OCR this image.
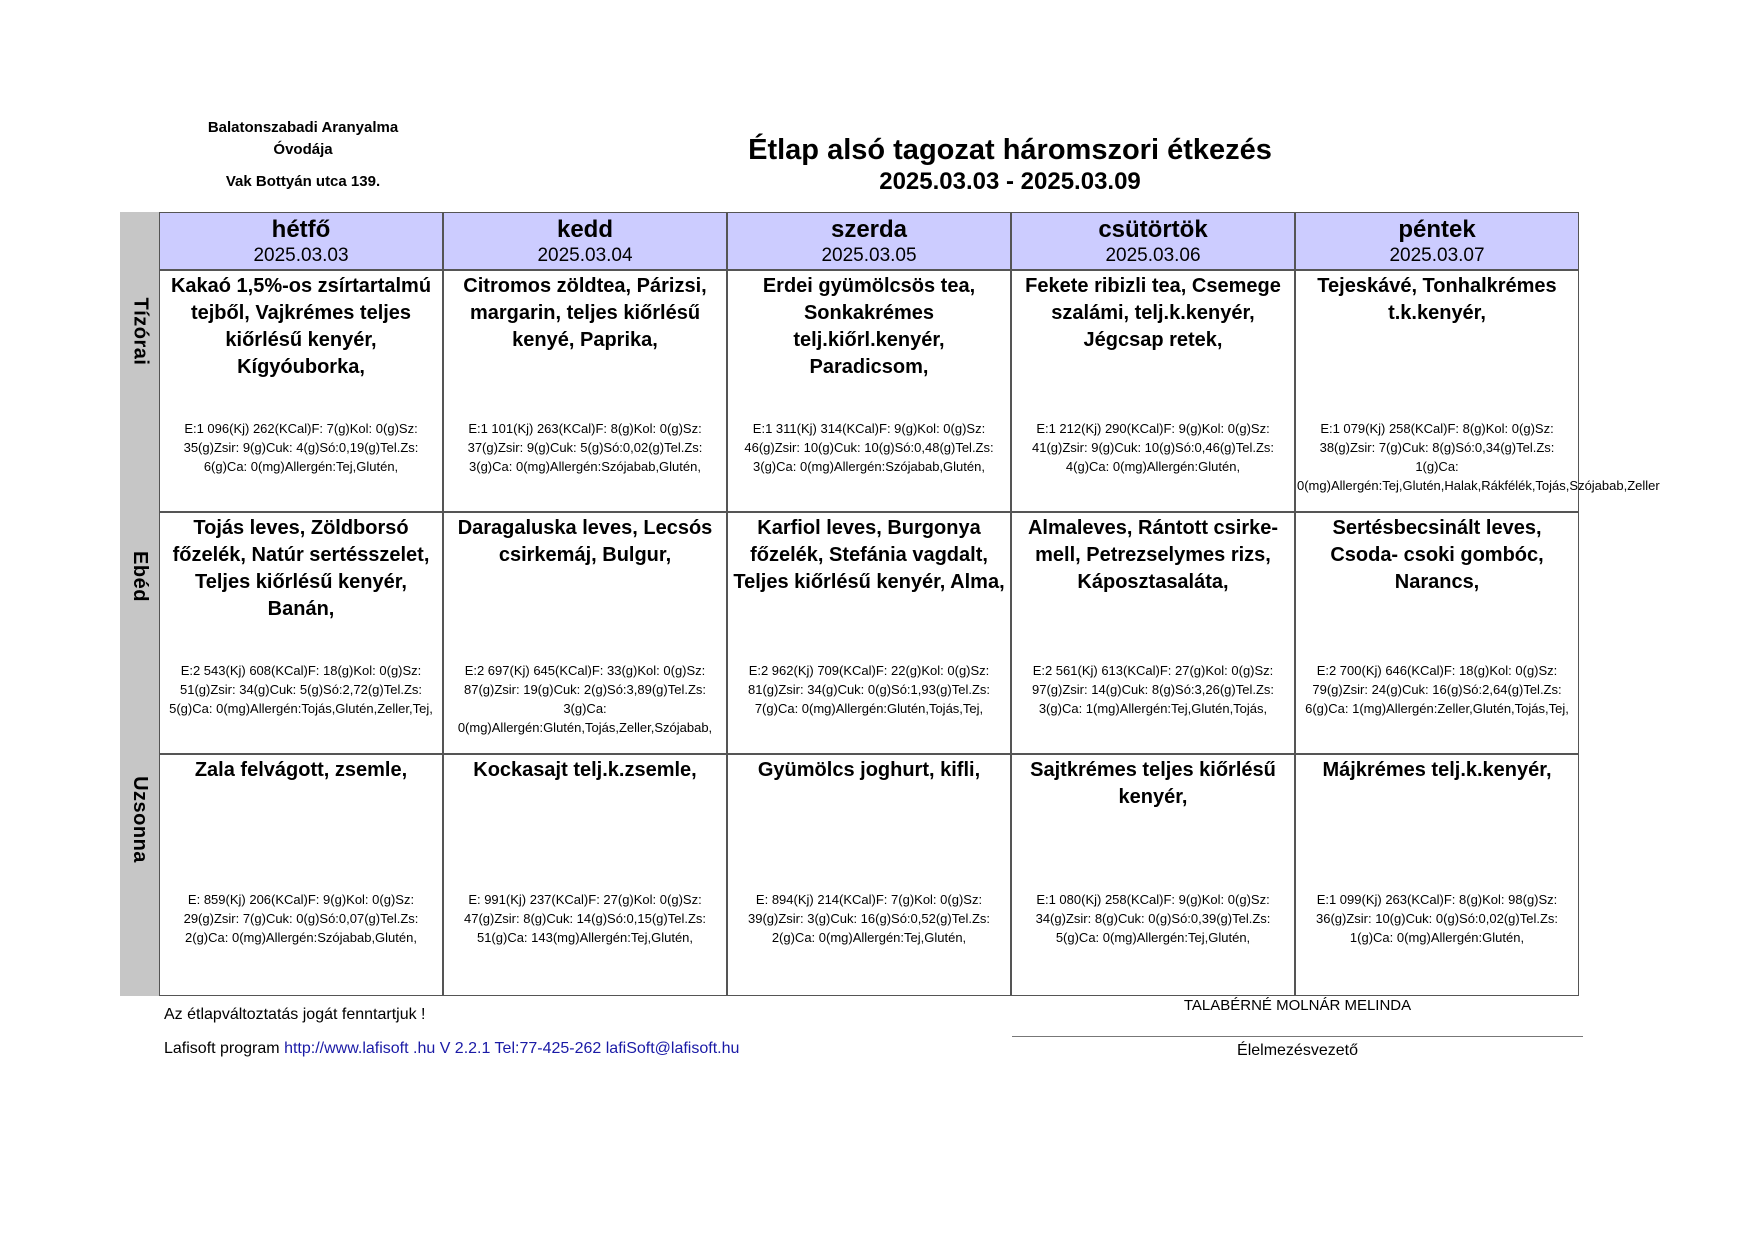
Balatonszabadi Aranyalma
Óvodája
Vak Bottyán utca 139.
Étlap alsó tagozat háromszori étkezés
2025.03.03 - 2025.03.09
Tízórai
Ebéd
Uzsonna
hétfő
2025.03.03
kedd
2025.03.04
szerda
2025.03.05
csütörtök
2025.03.06
péntek
2025.03.07
Kakaó 1,5%-os zsírtartalmú tejből, Vajkrémes teljes kiőrlésű kenyér, Kígyóuborka,
E:1 096(Kj) 262(KCal)F: 7(g)Kol: 0(g)Sz: 35(g)Zsir: 9(g)Cuk: 4(g)Só:0,19(g)Tel.Zs: 6(g)Ca: 0(mg)Allergén:Tej,Glutén,
Citromos zöldtea, Párizsi, margarin, teljes kiőrlésű kenyé, Paprika,
E:1 101(Kj) 263(KCal)F: 8(g)Kol: 0(g)Sz: 37(g)Zsir: 9(g)Cuk: 5(g)Só:0,02(g)Tel.Zs: 3(g)Ca: 0(mg)Allergén:Szójabab,Glutén,
Erdei gyümölcsös tea, Sonkakrémes telj.kiőrl.kenyér, Paradicsom,
E:1 311(Kj) 314(KCal)F: 9(g)Kol: 0(g)Sz: 46(g)Zsir: 10(g)Cuk: 10(g)Só:0,48(g)Tel.Zs: 3(g)Ca: 0(mg)Allergén:Szójabab,Glutén,
Fekete ribizli tea, Csemege szalámi, telj.k.kenyér, Jégcsap retek,
E:1 212(Kj) 290(KCal)F: 9(g)Kol: 0(g)Sz: 41(g)Zsir: 9(g)Cuk: 10(g)Só:0,46(g)Tel.Zs: 4(g)Ca: 0(mg)Allergén:Glutén,
Tejeskávé, Tonhalkrémes t.k.kenyér,
E:1 079(Kj) 258(KCal)F: 8(g)Kol: 0(g)Sz: 38(g)Zsir: 7(g)Cuk: 8(g)Só:0,34(g)Tel.Zs: 1(g)Ca: 0(mg)Allergén:Tej,Glutén,Halak,Rákfélék,Tojás,Szójabab,Zeller
Tojás leves, Zöldborsó főzelék, Natúr sertésszelet, Teljes kiőrlésű kenyér, Banán,
E:2 543(Kj) 608(KCal)F: 18(g)Kol: 0(g)Sz: 51(g)Zsir: 34(g)Cuk: 5(g)Só:2,72(g)Tel.Zs: 5(g)Ca: 0(mg)Allergén:Tojás,Glutén,Zeller,Tej,
Daragaluska leves, Lecsós csirkemáj, Bulgur,
E:2 697(Kj) 645(KCal)F: 33(g)Kol: 0(g)Sz: 87(g)Zsir: 19(g)Cuk: 2(g)Só:3,89(g)Tel.Zs: 3(g)Ca: 0(mg)Allergén:Glutén,Tojás,Zeller,Szójabab,
Karfiol leves, Burgonya főzelék, Stefánia vagdalt, Teljes kiőrlésű kenyér, Alma,
E:2 962(Kj) 709(KCal)F: 22(g)Kol: 0(g)Sz: 81(g)Zsir: 34(g)Cuk: 0(g)Só:1,93(g)Tel.Zs: 7(g)Ca: 0(mg)Allergén:Glutén,Tojás,Tej,
Almaleves, Rántott csirke-mell, Petrezselymes rizs, Káposztasaláta,
E:2 561(Kj) 613(KCal)F: 27(g)Kol: 0(g)Sz: 97(g)Zsir: 14(g)Cuk: 8(g)Só:3,26(g)Tel.Zs: 3(g)Ca: 1(mg)Allergén:Tej,Glutén,Tojás,
Sertésbecsinált leves, Csoda- csoki gombóc, Narancs,
E:2 700(Kj) 646(KCal)F: 18(g)Kol: 0(g)Sz: 79(g)Zsir: 24(g)Cuk: 16(g)Só:2,64(g)Tel.Zs: 6(g)Ca: 1(mg)Allergén:Zeller,Glutén,Tojás,Tej,
Zala felvágott, zsemle,
E: 859(Kj) 206(KCal)F: 9(g)Kol: 0(g)Sz: 29(g)Zsir: 7(g)Cuk: 0(g)Só:0,07(g)Tel.Zs: 2(g)Ca: 0(mg)Allergén:Szójabab,Glutén,
Kockasajt telj.k.zsemle,
E: 991(Kj) 237(KCal)F: 27(g)Kol: 0(g)Sz: 47(g)Zsir: 8(g)Cuk: 14(g)Só:0,15(g)Tel.Zs: 51(g)Ca: 143(mg)Allergén:Tej,Glutén,
Gyümölcs joghurt, kifli,
E: 894(Kj) 214(KCal)F: 7(g)Kol: 0(g)Sz: 39(g)Zsir: 3(g)Cuk: 16(g)Só:0,52(g)Tel.Zs: 2(g)Ca: 0(mg)Allergén:Tej,Glutén,
Sajtkrémes teljes kiőrlésű kenyér,
E:1 080(Kj) 258(KCal)F: 9(g)Kol: 0(g)Sz: 34(g)Zsir: 8(g)Cuk: 0(g)Só:0,39(g)Tel.Zs: 5(g)Ca: 0(mg)Allergén:Tej,Glutén,
Májkrémes telj.k.kenyér,
E:1 099(Kj) 263(KCal)F: 8(g)Kol: 98(g)Sz: 36(g)Zsir: 10(g)Cuk: 0(g)Só:0,02(g)Tel.Zs: 1(g)Ca: 0(mg)Allergén:Glutén,
Az étlapváltoztatás jogát fenntartjuk !
Lafisoft program http://www.lafisoft .hu V 2.2.1 Tel:77-425-262 lafiSoft@lafisoft.hu
TALABÉRNÉ MOLNÁR MELINDA
Élelmezésvezető
